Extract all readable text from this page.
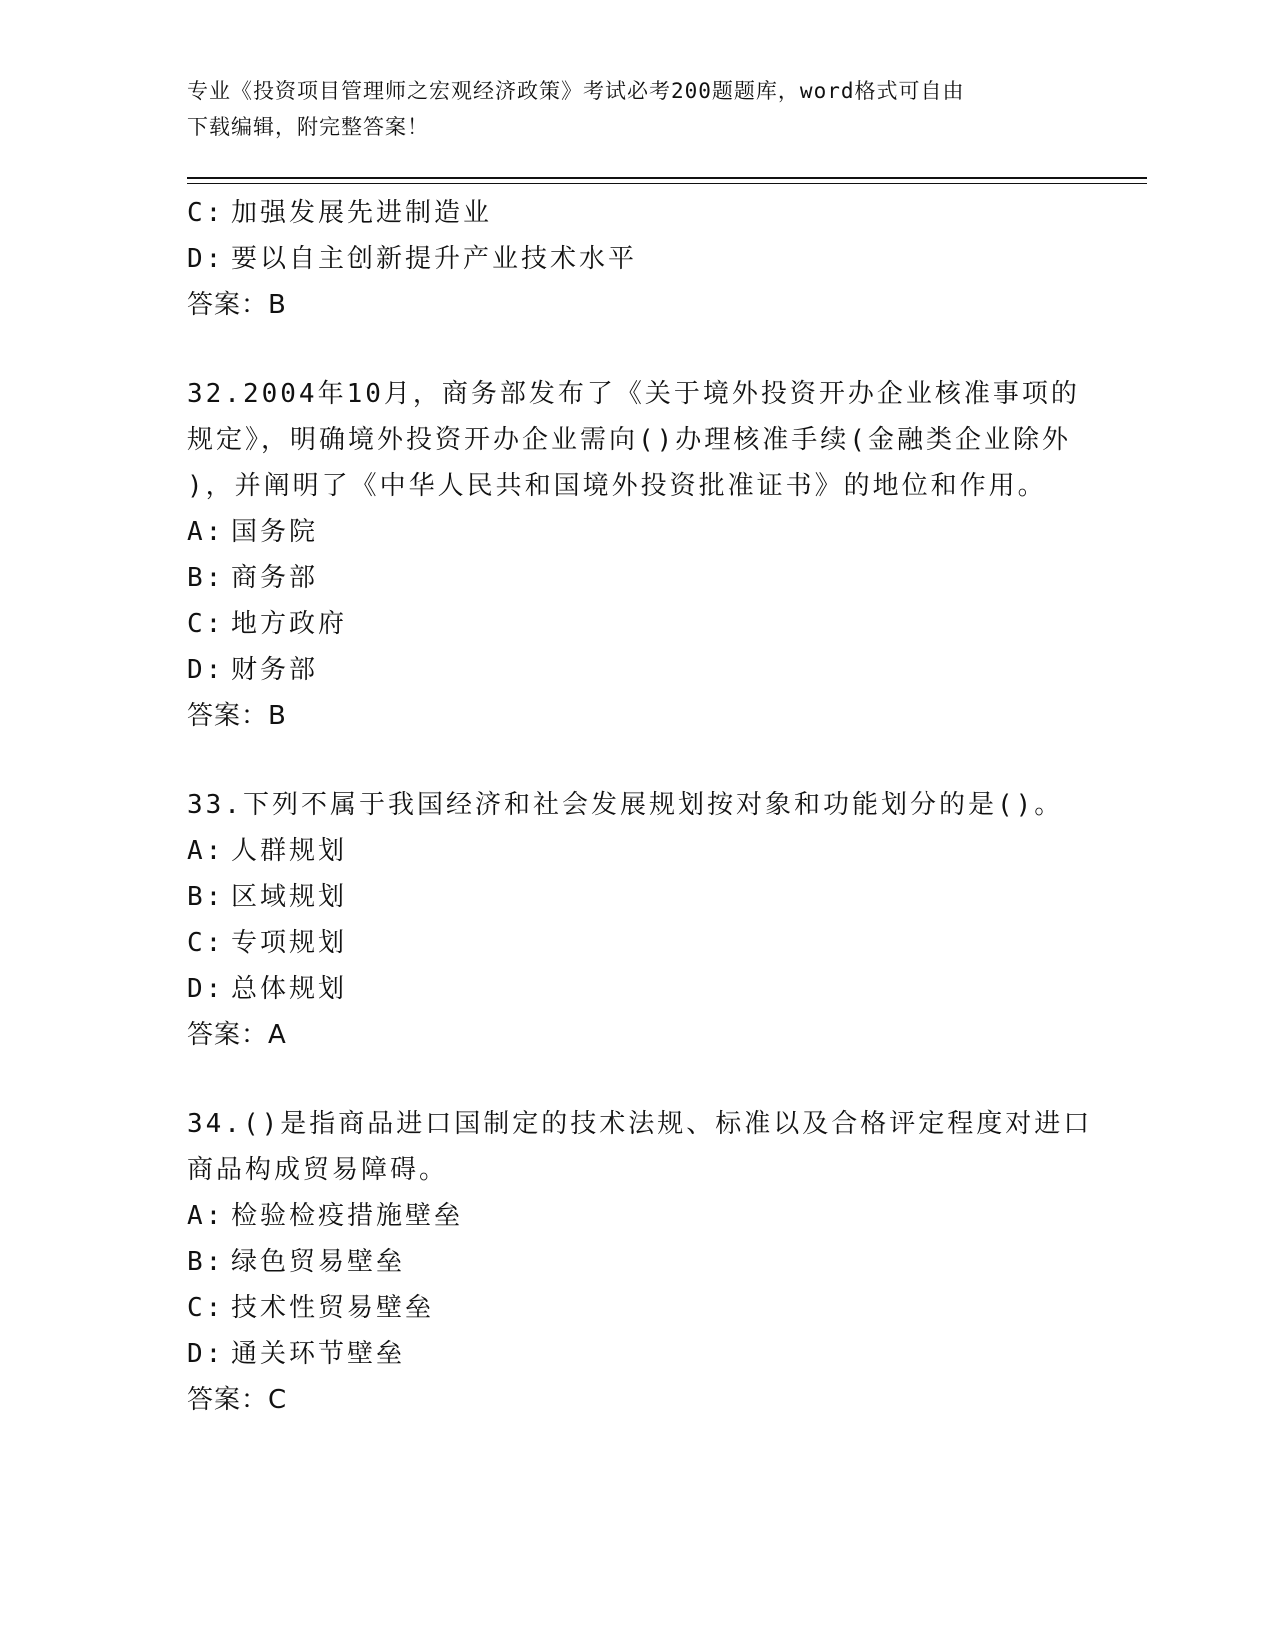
专业《投资项目管理师之宏观经济政策》考试必考200题题库，word格式可自由
下载编辑，附完整答案！
C: 加强发展先进制造业
D: 要以自主创新提升产业技术水平
答案：B
32.2004年10月，商务部发布了《关于境外投资开办企业核准事项的
规定》，明确境外投资开办企业需向()办理核准手续(金融类企业除外
)，并阐明了《中华人民共和国境外投资批准证书》的地位和作用。
A: 国务院
B: 商务部
C: 地方政府
D: 财务部
答案：B
33.下列不属于我国经济和社会发展规划按对象和功能划分的是()。
A: 人群规划
B: 区域规划
C: 专项规划
D: 总体规划
答案：A
34.()是指商品进口国制定的技术法规、标准以及合格评定程度对进口
商品构成贸易障碍。
A: 检验检疫措施壁垒
B: 绿色贸易壁垒
C: 技术性贸易壁垒
D: 通关环节壁垒
答案：C
